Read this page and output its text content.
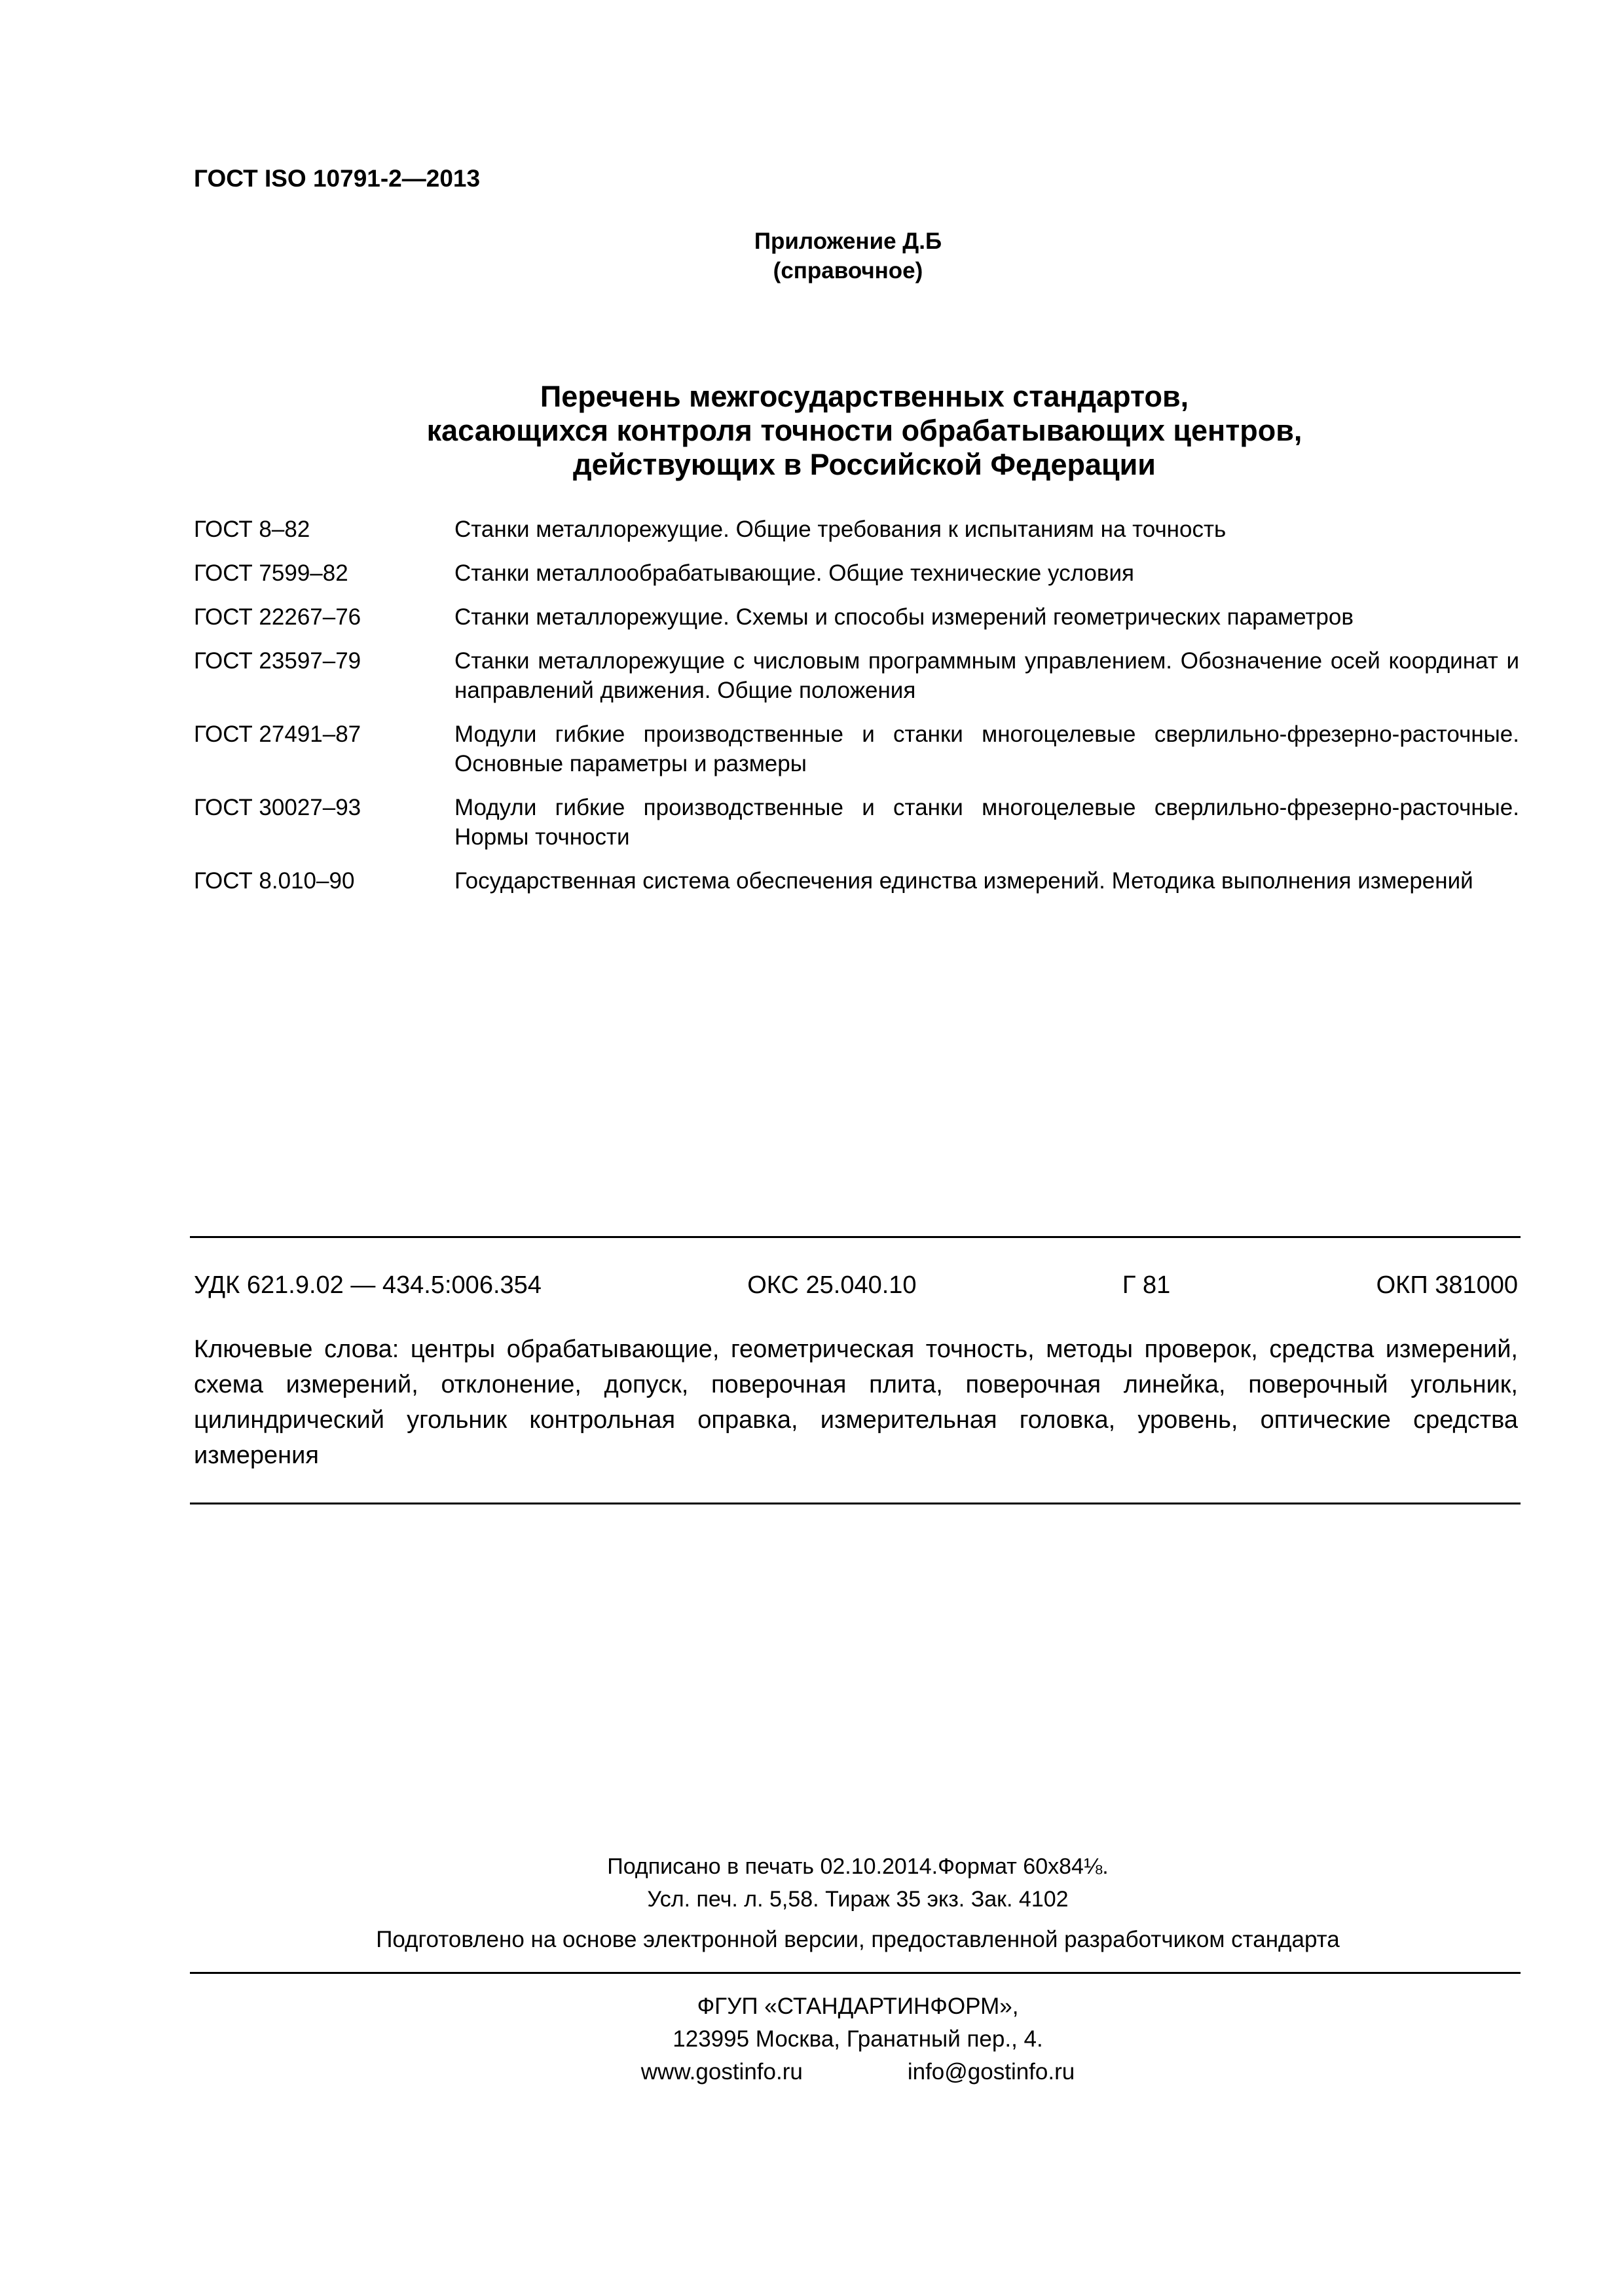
ГОСТ ISO 10791-2—2013
Приложение Д.Б
(справочное)
Перечень межгосударственных стандартов,
касающихся контроля точности обрабатывающих центров,
действующих в Российской Федерации
ГОСТ 8–82	Станки металлорежущие. Общие требования к испытаниям на точность
ГОСТ 7599–82	Станки металлообрабатывающие. Общие технические условия
ГОСТ 22267–76	Станки металлорежущие. Схемы и способы измерений геометрических параметров
ГОСТ 23597–79	Станки металлорежущие с числовым программным управлением. Обозначение осей координат и направлений движения. Общие положения
ГОСТ 27491–87	Модули гибкие производственные и станки многоцелевые сверлильно-фрезерно-расточные. Основные параметры и размеры
ГОСТ 30027–93	Модули гибкие производственные и станки многоцелевые сверлильно-фрезерно-расточные. Нормы точности
ГОСТ 8.010–90	Государственная система обеспечения единства измерений. Методика выполнения измерений
УДК 621.9.02 — 434.5:006.354	ОКС 25.040.10	Г 81	ОКП 381000
Ключевые слова: центры обрабатывающие, геометрическая точность, методы проверок, средства измерений, схема измерений, отклонение, допуск, поверочная плита, поверочная линейка, поверочный угольник, цилиндрический угольник контрольная оправка, измерительная головка, уровень, оптические средства измерения
Подписано в печать 02.10.2014.Формат 60х84⅛.
Усл. печ. л. 5,58. Тираж 35 экз. Зак. 4102
Подготовлено на основе электронной версии, предоставленной разработчиком стандарта
ФГУП «СТАНДАРТИНФОРМ»,
123995 Москва, Гранатный пер., 4.
www.gostinfo.ru	info@gostinfo.ru
